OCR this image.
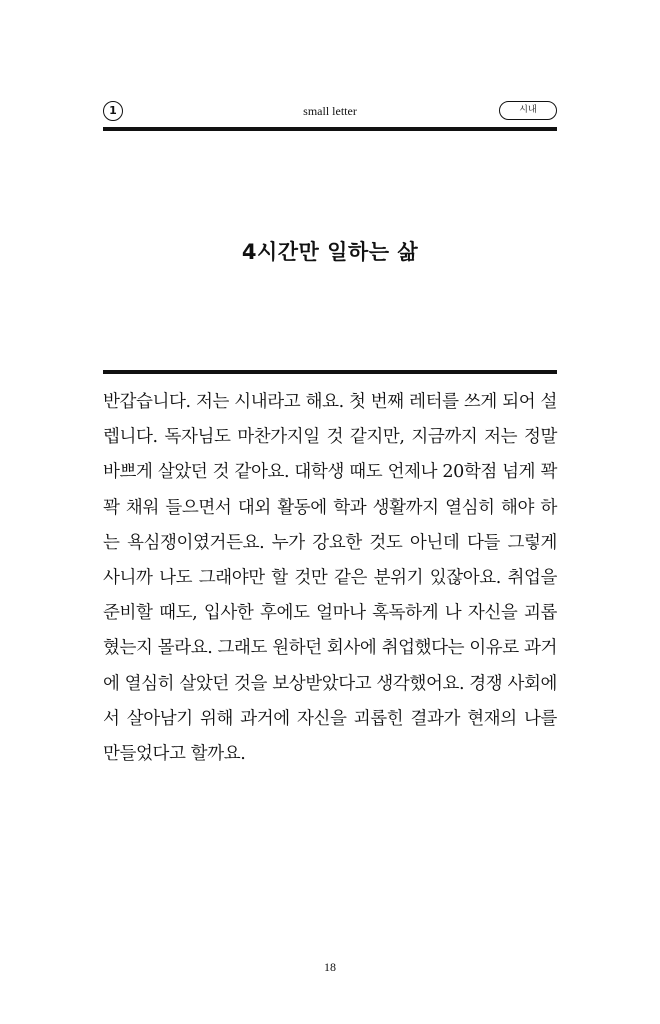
1	small letter	시내
4시간만 일하는 삶

반갑습니다. 저는 시내라고 해요. 첫 번째 레터를 쓰게 되어 설렙니다. 독자님도 마찬가지일 것 같지만, 지금까지 저는 정말 바쁘게 살았던 것 같아요. 대학생 때도 언제나 20학점 넘게 꽉꽉 채워 들으면서 대외 활동에 학과 생활까지 열심히 해야 하는 욕심쟁이였거든요. 누가 강요한 것도 아닌데 다들 그렇게 사니까 나도 그래야만 할 것만 같은 분위기 있잖아요. 취업을 준비할 때도, 입사한 후에도 얼마나 혹독하게 나 자신을 괴롭혔는지 몰라요. 그래도 원하던 회사에 취업했다는 이유로 과거에 열심히 살았던 것을 보상받았다고 생각했어요. 경쟁 사회에서 살아남기 위해 과거에 자신을 괴롭힌 결과가 현재의 나를 만들었다고 할까요.

18
